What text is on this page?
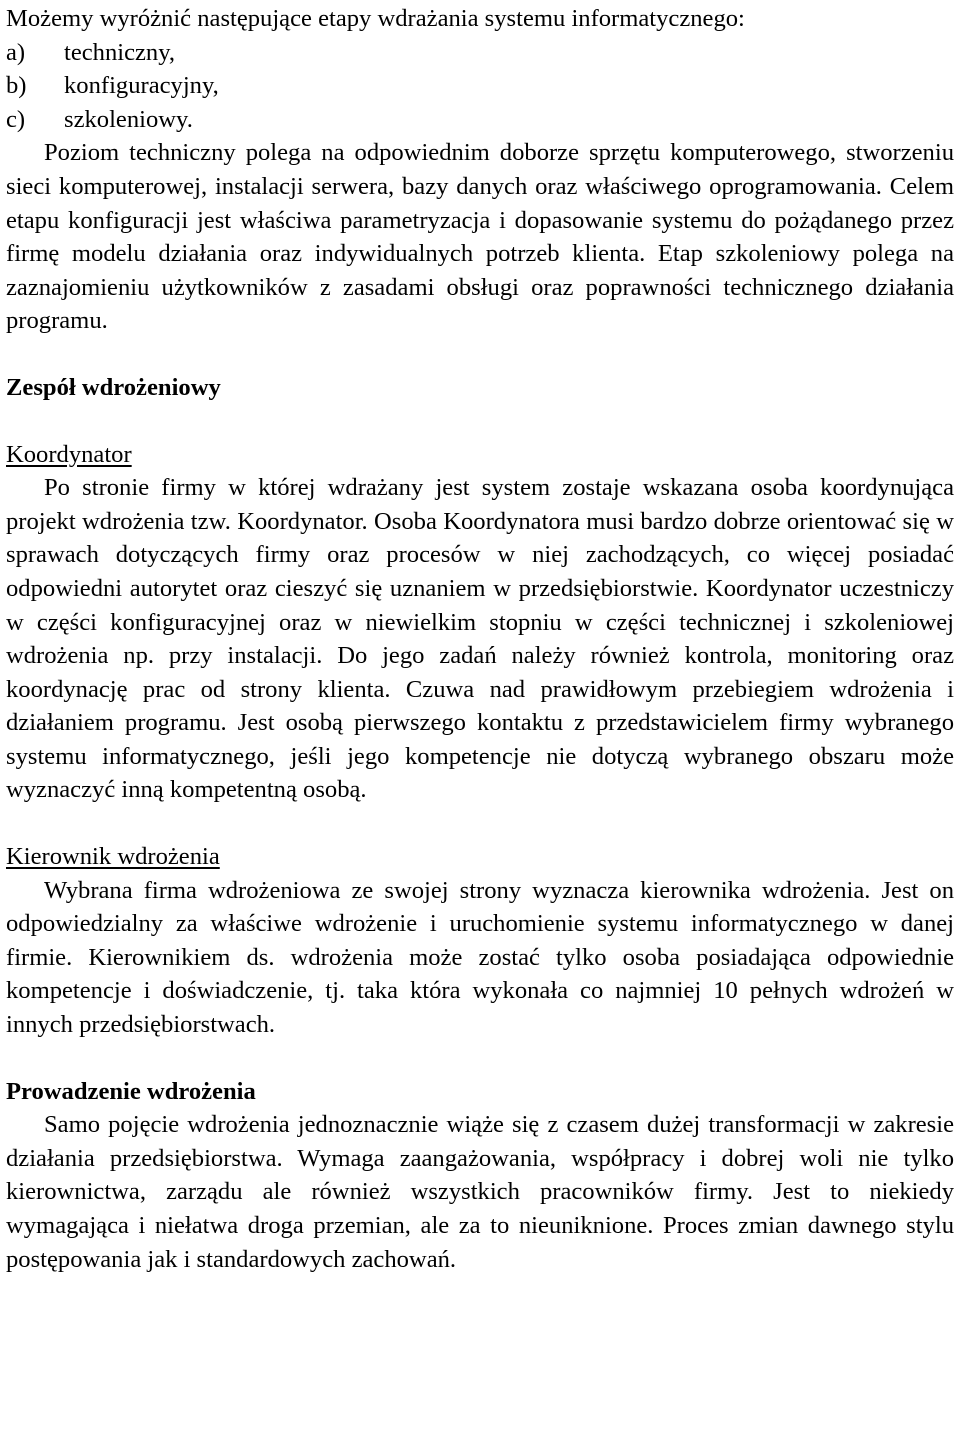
Możemy wyróżnić następujące etapy wdrażania systemu informatycznego:

a)	techniczny,
b)	konfiguracyjny,
c)	szkoleniowy.

Poziom techniczny polega na odpowiednim doborze sprzętu komputerowego, stworzeniu sieci komputerowej, instalacji serwera, bazy danych oraz właściwego oprogramowania. Celem etapu konfiguracji jest właściwa parametryzacja i dopasowanie systemu do pożądanego przez firmę modelu działania oraz indywidualnych potrzeb klienta. Etap szkoleniowy polega na zaznajomieniu użytkowników z zasadami obsługi oraz poprawności technicznego działania programu.

Zespół wdrożeniowy

Koordynator

Po stronie firmy w której wdrażany jest system zostaje wskazana osoba koordynująca projekt wdrożenia tzw. Koordynator. Osoba Koordynatora musi bardzo dobrze orientować się w sprawach dotyczących firmy oraz procesów w niej zachodzących, co więcej posiadać odpowiedni autorytet oraz cieszyć się uznaniem w przedsiębiorstwie. Koordynator uczestniczy w części konfiguracyjnej oraz w niewielkim stopniu w części technicznej i szkoleniowej wdrożenia np. przy instalacji. Do jego zadań należy również kontrola, monitoring oraz koordynację prac od strony klienta. Czuwa nad prawidłowym przebiegiem wdrożenia i działaniem programu. Jest osobą pierwszego kontaktu z przedstawicielem firmy wybranego systemu informatycznego, jeśli jego kompetencje nie dotyczą wybranego obszaru może wyznaczyć inną kompetentną osobą.

Kierownik wdrożenia

Wybrana firma wdrożeniowa ze swojej strony wyznacza kierownika wdrożenia. Jest on odpowiedzialny za właściwe wdrożenie i uruchomienie systemu informatycznego w danej firmie. Kierownikiem ds. wdrożenia może zostać tylko osoba posiadająca odpowiednie kompetencje i doświadczenie, tj. taka która wykonała co najmniej 10 pełnych wdrożeń w innych przedsiębiorstwach.

Prowadzenie wdrożenia

Samo pojęcie wdrożenia jednoznacznie wiąże się z czasem dużej transformacji w zakresie działania przedsiębiorstwa. Wymaga zaangażowania, współpracy i dobrej woli nie tylko kierownictwa, zarządu ale również wszystkich pracowników firmy. Jest to niekiedy wymagająca i niełatwa droga przemian, ale za to nieuniknione. Proces zmian dawnego stylu postępowania jak i standardowych zachowań.
